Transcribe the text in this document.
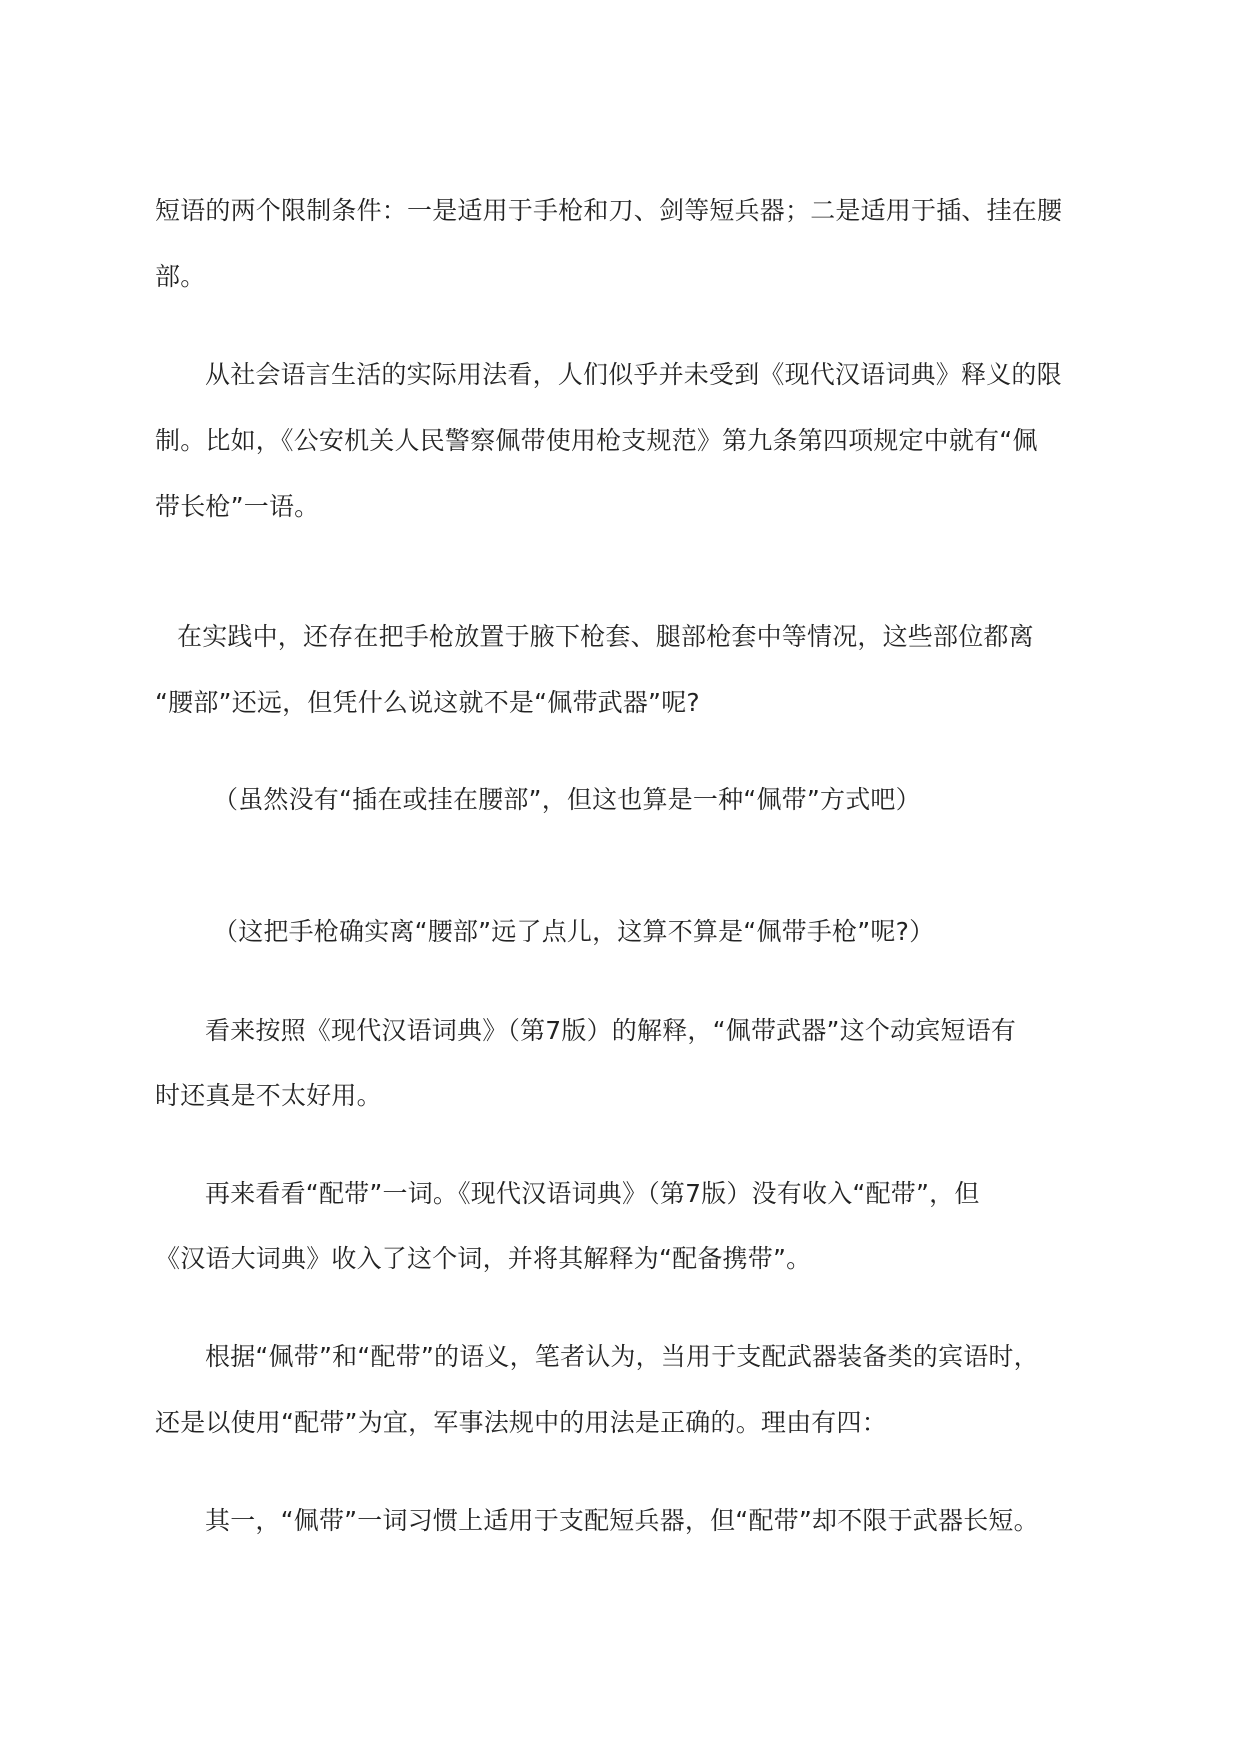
短语的两个限制条件：一是适用于手枪和刀、剑等短兵器；二是适用于插、挂在腰

部。

从社会语言生活的实际用法看，人们似乎并未受到《现代汉语词典》释义的限

制。比如，《公安机关人民警察佩带使用枪支规范》第九条第四项规定中就有“佩

带长枪”一语。

在实践中，还存在把手枪放置于腋下枪套、腿部枪套中等情况，这些部位都离

“腰部”还远，但凭什么说这就不是“佩带武器”呢?

（虽然没有“插在或挂在腰部”，但这也算是一种“佩带”方式吧）

（这把手枪确实离“腰部”远了点儿，这算不算是“佩带手枪”呢?）

看来按照《现代汉语词典》（第7版）的解释，“佩带武器”这个动宾短语有

时还真是不太好用。

再来看看“配带”一词。《现代汉语词典》（第7版）没有收入“配带”，但

《汉语大词典》收入了这个词，并将其解释为“配备携带”。

根据“佩带”和“配带”的语义，笔者认为，当用于支配武器装备类的宾语时，

还是以使用“配带”为宜，军事法规中的用法是正确的。理由有四：

其一，“佩带”一词习惯上适用于支配短兵器，但“配带”却不限于武器长短。
